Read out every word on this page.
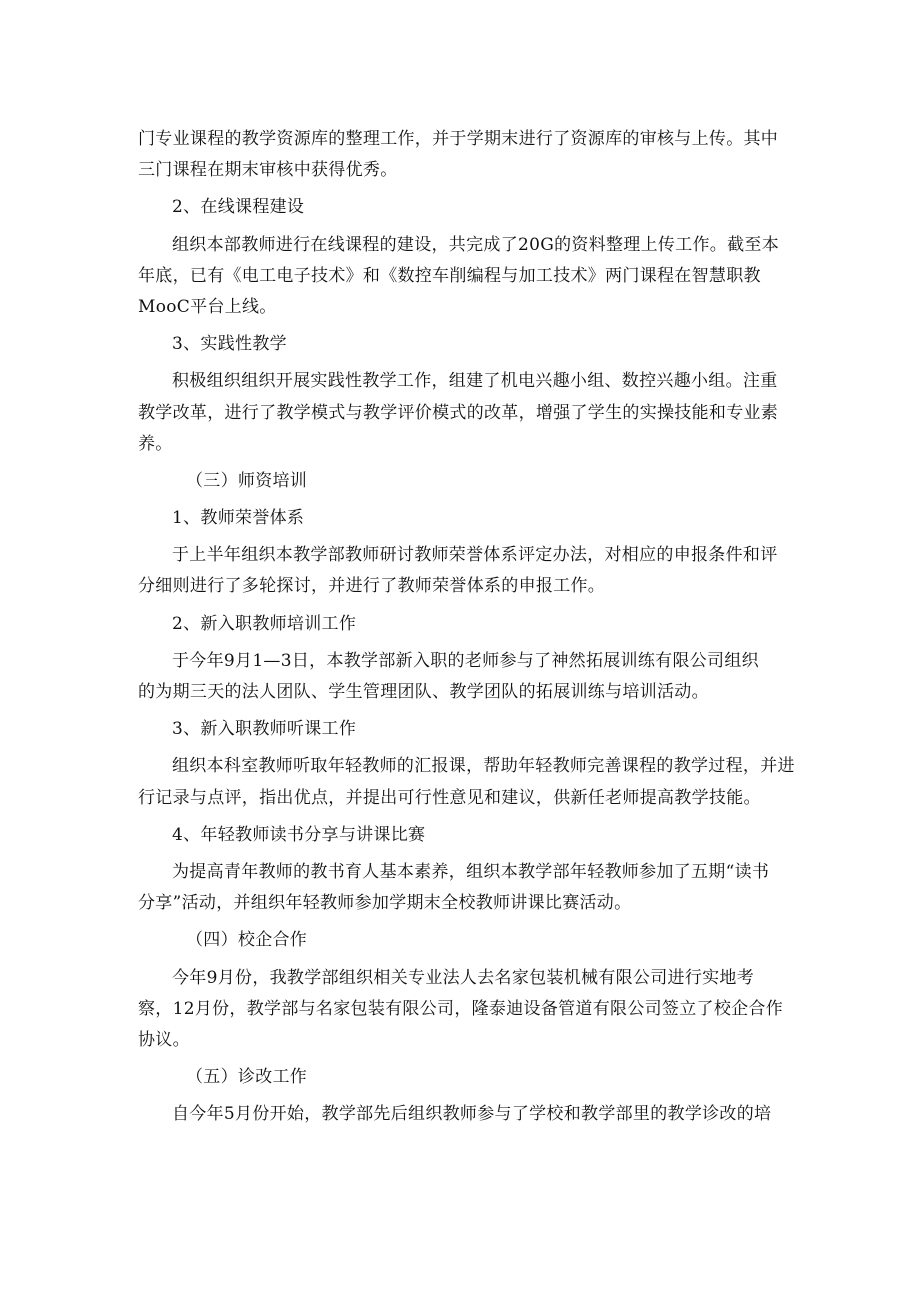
门专业课程的教学资源库的整理工作，并于学期末进行了资源库的审核与上传。其中
三门课程在期末审核中获得优秀。
2、在线课程建设
组织本部教师进行在线课程的建设，共完成了20G的资料整理上传工作。截至本
年底，已有《电工电子技术》和《数控车削编程与加工技术》两门课程在智慧职教
MooC平台上线。
3、实践性教学
积极组织组织开展实践性教学工作，组建了机电兴趣小组、数控兴趣小组。注重
教学改革，进行了教学模式与教学评价模式的改革，增强了学生的实操技能和专业素
养。
（三）师资培训
1、教师荣誉体系
于上半年组织本教学部教师研讨教师荣誉体系评定办法，对相应的申报条件和评
分细则进行了多轮探讨，并进行了教师荣誉体系的申报工作。
2、新入职教师培训工作
于今年9月1—3日，本教学部新入职的老师参与了神然拓展训练有限公司组织
的为期三天的法人团队、学生管理团队、教学团队的拓展训练与培训活动。
3、新入职教师听课工作
组织本科室教师听取年轻教师的汇报课，帮助年轻教师完善课程的教学过程，并进
行记录与点评，指出优点，并提出可行性意见和建议，供新任老师提高教学技能。
4、年轻教师读书分享与讲课比赛
为提高青年教师的教书育人基本素养，组织本教学部年轻教师参加了五期“读书
分享”活动，并组织年轻教师参加学期末全校教师讲课比赛活动。
（四）校企合作
今年9月份，我教学部组织相关专业法人去名家包装机械有限公司进行实地考
察，12月份，教学部与名家包装有限公司，隆泰迪设备管道有限公司签立了校企合作
协议。
（五）诊改工作
自今年5月份开始，教学部先后组织教师参与了学校和教学部里的教学诊改的培
